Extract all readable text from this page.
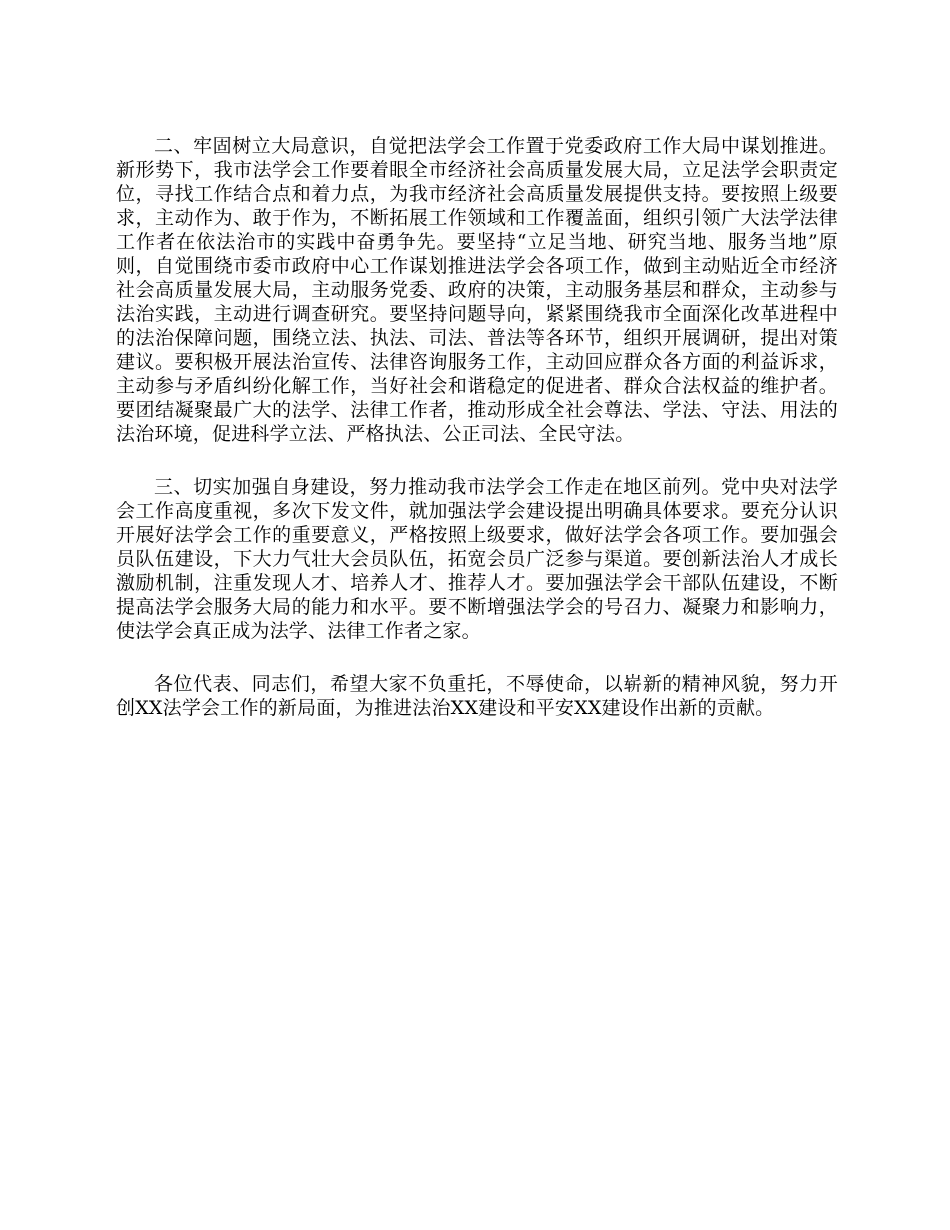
二、牢固树立大局意识，自觉把法学会工作置于党委政府工作大局中谋划推进。新形势下，我市法学会工作要着眼全市经济社会高质量发展大局，立足法学会职责定位，寻找工作结合点和着力点，为我市经济社会高质量发展提供支持。要按照上级要求，主动作为、敢于作为，不断拓展工作领域和工作覆盖面，组织引领广大法学法律工作者在依法治市的实践中奋勇争先。要坚持“立足当地、研究当地、服务当地”原则，自觉围绕市委市政府中心工作谋划推进法学会各项工作，做到主动贴近全市经济社会高质量发展大局，主动服务党委、政府的决策，主动服务基层和群众，主动参与法治实践，主动进行调查研究。要坚持问题导向，紧紧围绕我市全面深化改革进程中的法治保障问题，围绕立法、执法、司法、普法等各环节，组织开展调研，提出对策建议。要积极开展法治宣传、法律咨询服务工作，主动回应群众各方面的利益诉求，主动参与矛盾纠纷化解工作，当好社会和谐稳定的促进者、群众合法权益的维护者。要团结凝聚最广大的法学、法律工作者，推动形成全社会尊法、学法、守法、用法的法治环境，促进科学立法、严格执法、公正司法、全民守法。

三、切实加强自身建设，努力推动我市法学会工作走在地区前列。党中央对法学会工作高度重视，多次下发文件，就加强法学会建设提出明确具体要求。要充分认识开展好法学会工作的重要意义，严格按照上级要求，做好法学会各项工作。要加强会员队伍建设，下大力气壮大会员队伍，拓宽会员广泛参与渠道。要创新法治人才成长激励机制，注重发现人才、培养人才、推荐人才。要加强法学会干部队伍建设，不断提高法学会服务大局的能力和水平。要不断增强法学会的号召力、凝聚力和影响力，使法学会真正成为法学、法律工作者之家。

各位代表、同志们，希望大家不负重托，不辱使命，以崭新的精神风貌，努力开创XX法学会工作的新局面，为推进法治XX建设和平安XX建设作出新的贡献。
